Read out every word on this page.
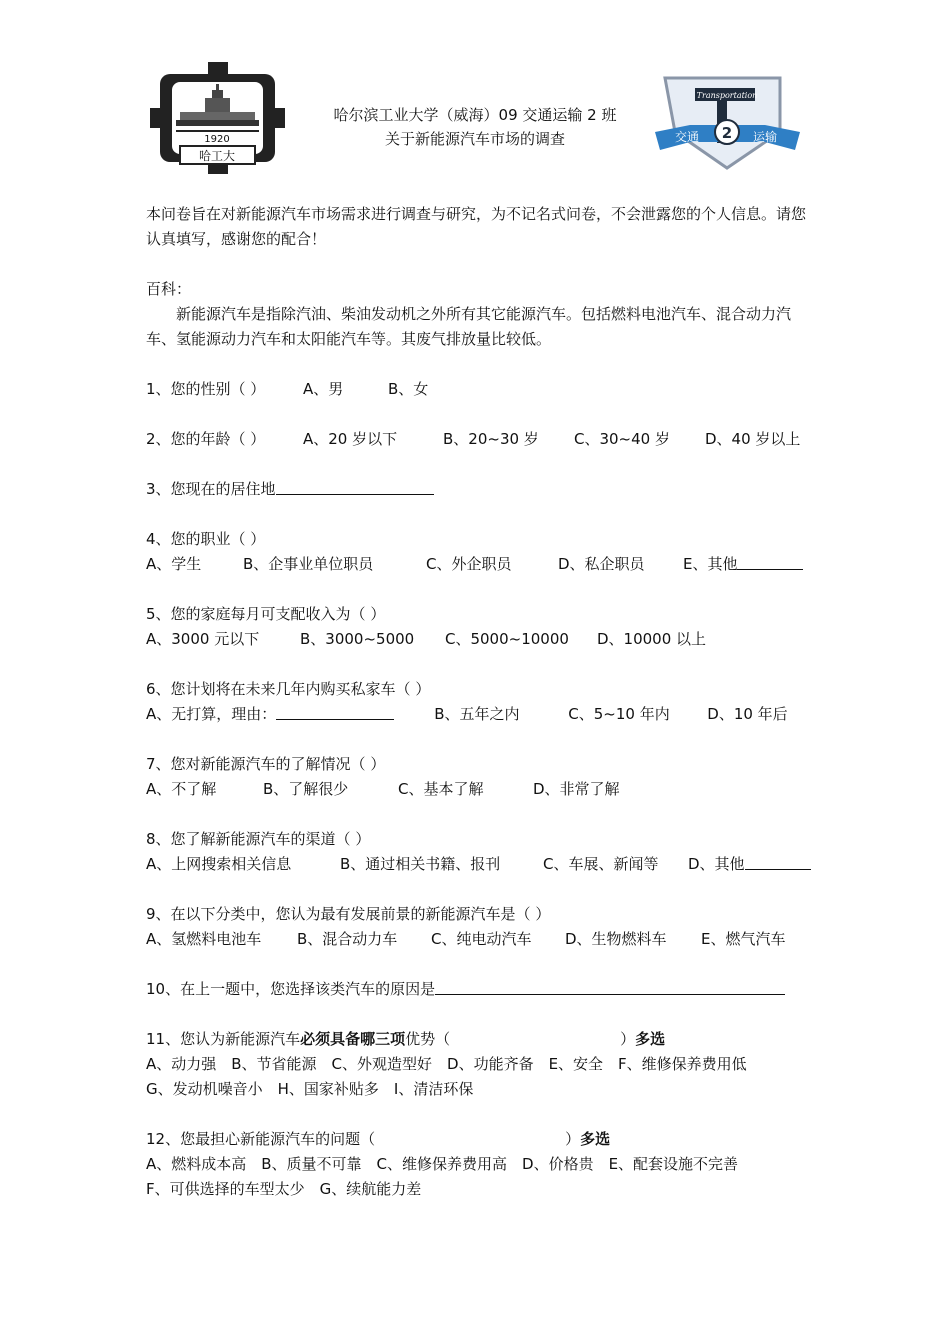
1920
哈工大
哈尔滨工业大学（威海）09 交通运输 2 班
关于新能源汽车市场的调查
Transportation
交通 2 运输

本问卷旨在对新能源汽车市场需求进行调查与研究，为不记名式问卷，不会泄露您的个人信息。请您认真填写，感谢您的配合！

百科：

新能源汽车是指除汽油、柴油发动机之外所有其它能源汽车。包括燃料电池汽车、混合动力汽车、氢能源动力汽车和太阳能汽车等。其废气排放量比较低。

1、您的性别（ ）	A、男	B、女
2、您的年龄（ ）	A、20 岁以下	B、20~30 岁	C、30~40 岁	D、40 岁以上
3、您现在的居住地
4、您的职业（ ）
A、学生	B、企事业单位职员	C、外企职员	D、私企职员	E、其他
5、您的家庭每月可支配收入为（ ）
A、3000 元以下	B、3000~5000	C、5000~10000	D、10000 以上
6、您计划将在未来几年内购买私家车（ ）
A、无打算，理由：	B、五年之内	C、5~10 年内	D、10 年后
7、您对新能源汽车的了解情况（ ）
A、不了解	B、了解很少	C、基本了解	D、非常了解
8、您了解新能源汽车的渠道（ ）
A、上网搜索相关信息	B、通过相关书籍、报刊	C、车展、新闻等	D、其他
9、在以下分类中，您认为最有发展前景的新能源汽车是（ ）
A、氢燃料电池车	B、混合动力车	C、纯电动汽车	D、生物燃料车	E、燃气汽车
10、在上一题中，您选择该类汽车的原因是
11、您认为新能源汽车 必须具备哪三项 优势（	） 多选
A、动力强　B、节省能源　C、外观造型好　D、功能齐备　E、安全　F、维修保养费用低
G、发动机噪音小　H、国家补贴多　I、清洁环保
12、您最担心新能源汽车的问题（	） 多选
A、燃料成本高　B、质量不可靠　C、维修保养费用高　D、价格贵　E、配套设施不完善
F、可供选择的车型太少　G、续航能力差
